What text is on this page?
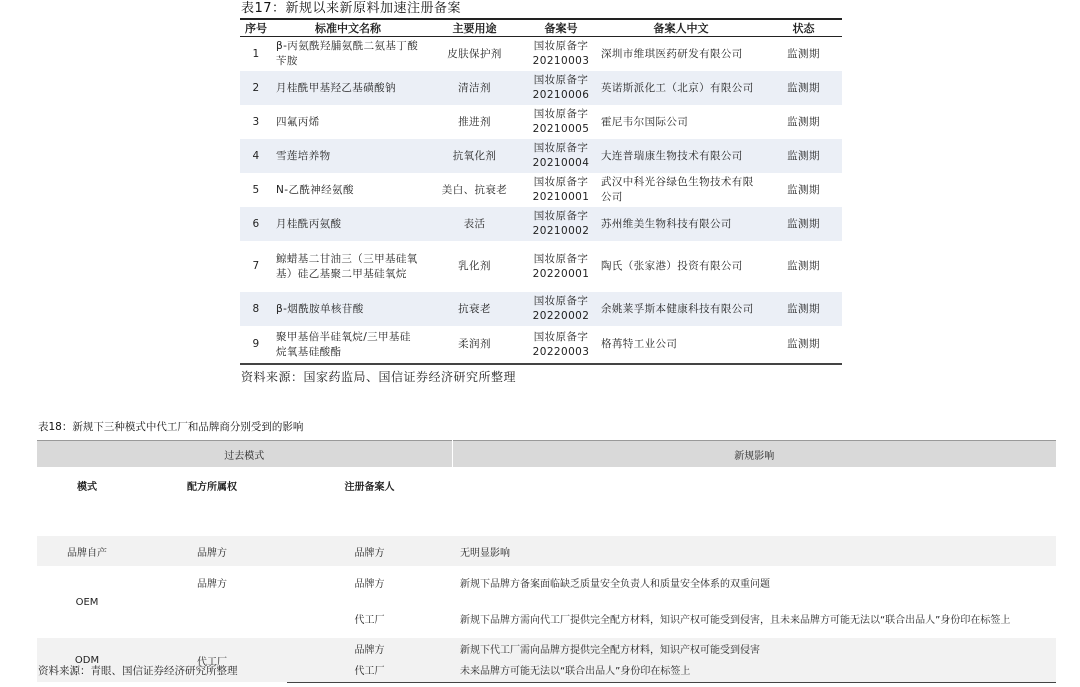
表17：新规以来新原料加速注册备案
序号	标准中文名称	主要用途	备案号	备案人中文	状态
1	β-丙氨酰羟脯氨酰二氨基丁酸苄胺	皮肤保护剂	国妆原备字20210003	深圳市维琪医药研发有限公司	监测期
2	月桂酰甲基羟乙基磺酸钠	清洁剂	国妆原备字20210006	英诺斯派化工（北京）有限公司	监测期
3	四氟丙烯	推进剂	国妆原备字20210005	霍尼韦尔国际公司	监测期
4	雪莲培养物	抗氧化剂	国妆原备字20210004	大连普瑞康生物技术有限公司	监测期
5	N-乙酰神经氨酸	美白、抗衰老	国妆原备字20210001	武汉中科光谷绿色生物技术有限公司	监测期
6	月桂酰丙氨酸	表活	国妆原备字20210002	苏州维美生物科技有限公司	监测期
7	鲸蜡基二甘油三（三甲基硅氧基）硅乙基聚二甲基硅氧烷	乳化剂	国妆原备字20220001	陶氏（张家港）投资有限公司	监测期
8	β-烟酰胺单核苷酸	抗衰老	国妆原备字20220002	余姚莱孚斯本健康科技有限公司	监测期
9	聚甲基倍半硅氧烷/三甲基硅烷氧基硅酸酯	柔润剂	国妆原备字20220003	格苒特工业公司	监测期
资料来源：国家药监局、国信证券经济研究所整理
表18：新规下三种模式中代工厂和品牌商分别受到的影响
过去模式			新规影响
模式	配方所属权	注册备案人	
品牌自产	品牌方	品牌方	无明显影响
OEM	品牌方	品牌方	新规下品牌方备案面临缺乏质量安全负责人和质量安全体系的双重问题
		代工厂	新规下品牌方需向代工厂提供完全配方材料，知识产权可能受到侵害，且未来品牌方可能无法以“联合出品人”身份印在标签上
ODM	代工厂	品牌方	新规下代工厂需向品牌方提供完全配方材料，知识产权可能受到侵害
		代工厂	未来品牌方可能无法以“联合出品人”身份印在标签上
资料来源：青眼、国信证券经济研究所整理
